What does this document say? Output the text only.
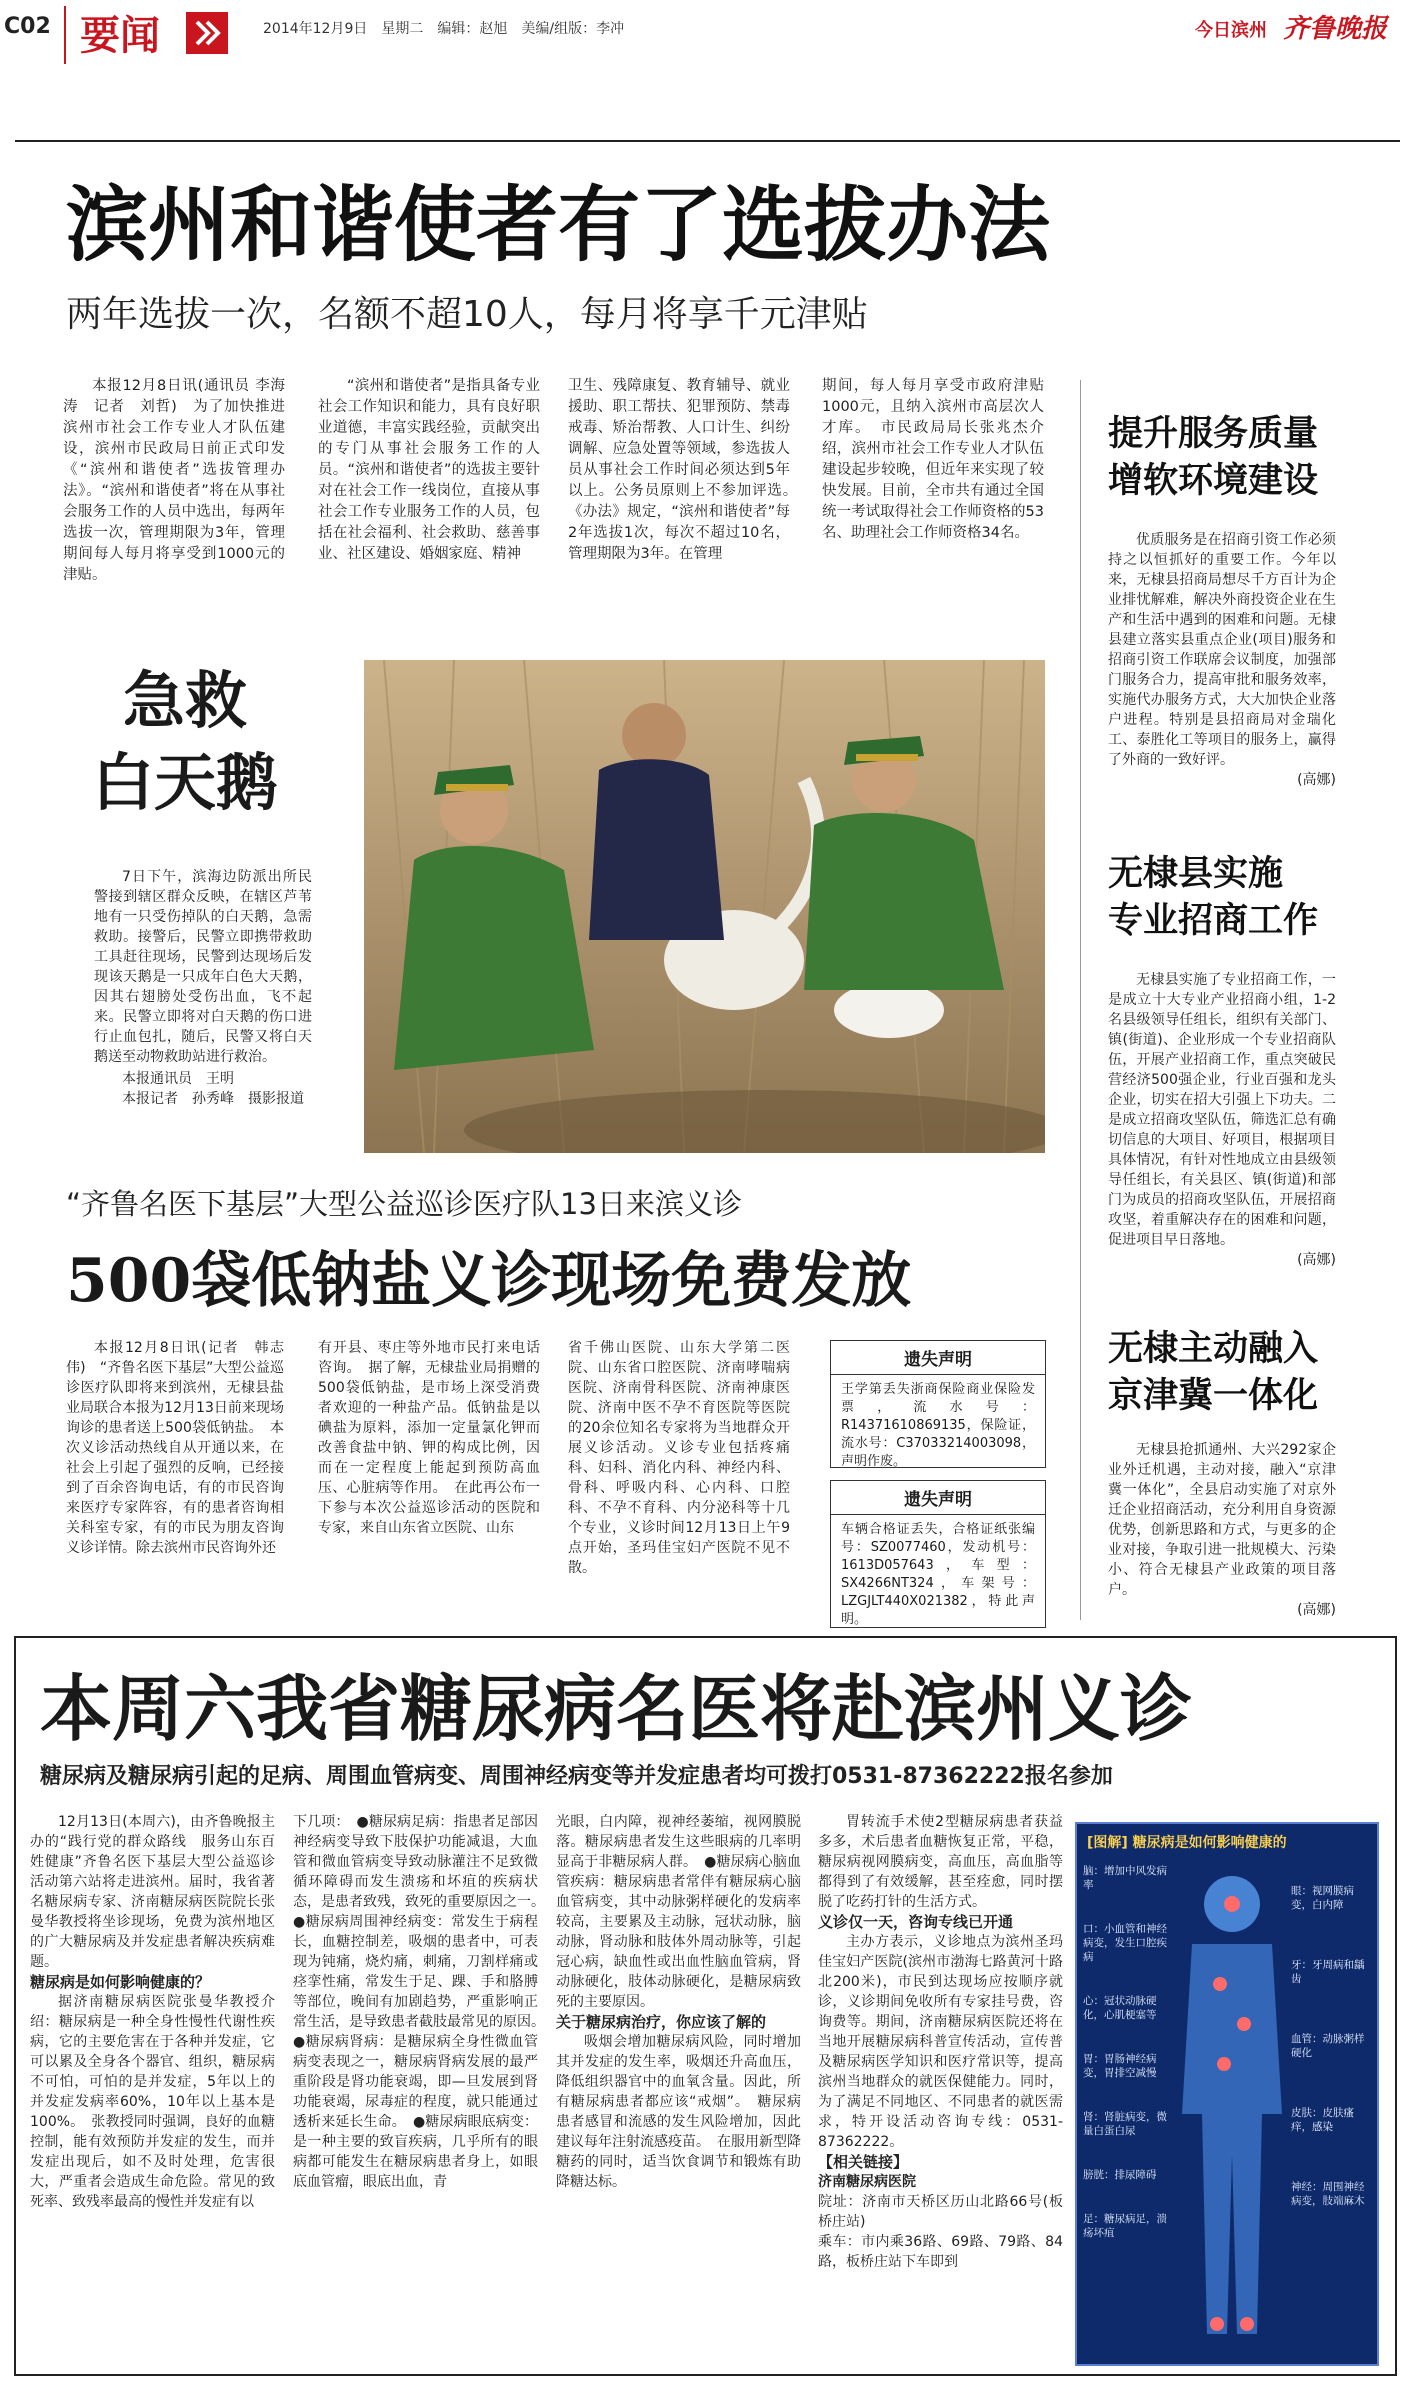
C02 要闻	2014年12月9日　星期二　编辑：赵旭　美编/组版：李冲	今日滨州 齐鲁晚报
滨州和谐使者有了选拔办法
两年选拔一次，名额不超10人，每月将享千元津贴

本报12月8日讯(通讯员 李海涛　记者　刘哲)　为了加快推进滨州市社会工作专业人才队伍建设，滨州市民政局日前正式印发《“滨州和谐使者”选拔管理办法》。“滨州和谐使者”将在从事社会服务工作的人员中选出，每两年选拔一次，管理期限为3年，管理期间每人每月将享受到1000元的津贴。

“滨州和谐使者”是指具备专业社会工作知识和能力，具有良好职业道德，丰富实践经验，贡献突出的专门从事社会服务工作的人员。“滨州和谐使者”的选拔主要针对在社会工作一线岗位，直接从事社会工作专业服务工作的人员，包括在社会福利、社会救助、慈善事业、社区建设、婚姻家庭、精神

卫生、残障康复、教育辅导、就业援助、职工帮扶、犯罪预防、禁毒戒毒、矫治帮教、人口计生、纠纷调解、应急处置等领域，参选拔人员从事社会工作时间必须达到5年以上。公务员原则上不参加评选。　《办法》规定，“滨州和谐使者”每2年选拔1次，每次不超过10名，管理期限为3年。在管理

期间，每人每月享受市政府津贴1000元，且纳入滨州市高层次人才库。　市民政局局长张兆杰介绍，滨州市社会工作专业人才队伍建设起步较晚，但近年来实现了较快发展。目前，全市共有通过全国统一考试取得社会工作师资格的53名、助理社会工作师资格34名。

急救
白天鹅

7日下午，滨海边防派出所民警接到辖区群众反映，在辖区芦苇地有一只受伤掉队的白天鹅，急需救助。接警后，民警立即携带救助工具赶往现场，民警到达现场后发现该天鹅是一只成年白色大天鹅，因其右翅膀处受伤出血，飞不起来。民警立即将对白天鹅的伤口进行止血包扎，随后，民警又将白天鹅送至动物救助站进行救治。

本报通讯员　王明

本报记者　孙秀峰　摄影报道

“齐鲁名医下基层”大型公益巡诊医疗队13日来滨义诊
500袋低钠盐义诊现场免费发放

本报12月8日讯(记者　韩志伟)　“齐鲁名医下基层”大型公益巡诊医疗队即将来到滨州，无棣县盐业局联合本报为12月13日前来现场询诊的患者送上500袋低钠盐。　本次义诊活动热线自从开通以来，在社会上引起了强烈的反响，已经接到了百余咨询电话，有的市民咨询来医疗专家阵容，有的患者咨询相关科室专家，有的市民为朋友咨询义诊详情。除去滨州市民咨询外还

有开县、枣庄等外地市民打来电话咨询。　据了解，无棣盐业局捐赠的500袋低钠盐，是市场上深受消费者欢迎的一种盐产品。低钠盐是以碘盐为原料，添加一定量氯化钾而改善食盐中钠、钾的构成比例，因而在一定程度上能起到预防高血压、心脏病等作用。　在此再公布一下参与本次公益巡诊活动的医院和专家，来自山东省立医院、山东

省千佛山医院、山东大学第二医院、山东省口腔医院、济南哮喘病医院、济南骨科医院、济南神康医院、济南中医不孕不育医院等医院的20余位知名专家将为当地群众开展义诊活动。义诊专业包括疼痛科、妇科、消化内科、神经内科、骨科、呼吸内科、心内科、口腔科、不孕不育科、内分泌科等十几个专业，义诊时间12月13日上午9点开始，圣玛佳宝妇产医院不见不散。

遗失声明
王学第丢失浙商保险商业保险发票，流水号：R14371610869135，保险证，流水号：C37033214003098，声明作废。
遗失声明
车辆合格证丢失，合格证纸张编号：SZ0077460，发动机号：1613D057643，车型：SX4266NT324，车架号：LZGJLT440X021382，特此声明。
提升服务质量
增软环境建设

优质服务是在招商引资工作必须持之以恒抓好的重要工作。今年以来，无棣县招商局想尽千方百计为企业排忧解难，解决外商投资企业在生产和生活中遇到的困难和问题。无棣县建立落实县重点企业(项目)服务和招商引资工作联席会议制度，加强部门服务合力，提高审批和服务效率，实施代办服务方式，大大加快企业落户进程。特别是县招商局对金瑞化工、泰胜化工等项目的服务上，赢得了外商的一致好评。

(高娜)

无棣县实施
专业招商工作

无棣县实施了专业招商工作，一是成立十大专业产业招商小组，1-2名县级领导任组长，组织有关部门、镇(街道)、企业形成一个专业招商队伍，开展产业招商工作，重点突破民营经济500强企业，行业百强和龙头企业，切实在招大引强上下功夫。二是成立招商攻坚队伍，筛选汇总有确切信息的大项目、好项目，根据项目具体情况，有针对性地成立由县级领导任组长，有关县区、镇(街道)和部门为成员的招商攻坚队伍，开展招商攻坚，着重解决存在的困难和问题，促进项目早日落地。

(高娜)

无棣主动融入
京津冀一体化

无棣县抢抓通州、大兴292家企业外迁机遇，主动对接，融入“京津冀一体化”，全县启动实施了对京外迁企业招商活动，充分利用自身资源优势，创新思路和方式，与更多的企业对接，争取引进一批规模大、污染小、符合无棣县产业政策的项目落户。

(高娜)

本周六我省糖尿病名医将赴滨州义诊
糖尿病及糖尿病引起的足病、周围血管病变、周围神经病变等并发症患者均可拨打0531-87362222报名参加

12月13日(本周六)，由齐鲁晚报主办的“践行党的群众路线　服务山东百姓健康”齐鲁名医下基层大型公益巡诊活动第六站将走进滨州。届时，我省著名糖尿病专家、济南糖尿病医院院长张曼华教授将坐诊现场，免费为滨州地区的广大糖尿病及并发症患者解决疾病难题。

糖尿病是如何影响健康的？

据济南糖尿病医院张曼华教授介绍：糖尿病是一种全身性慢性代谢性疾病，它的主要危害在于各种并发症，它可以累及全身各个器官、组织，糖尿病不可怕，可怕的是并发症，5年以上的并发症发病率60%，10年以上基本是100%。　张教授同时强调，良好的血糖控制，能有效预防并发症的发生，而并发症出现后，如不及时处理，危害很大，严重者会造成生命危险。常见的致死率、致残率最高的慢性并发症有以

下几项：　●糖尿病足病：指患者足部因神经病变导致下肢保护功能减退，大血管和微血管病变导致动脉灌注不足致微循环障碍而发生溃疡和坏疽的疾病状态，是患者致残，致死的重要原因之一。　●糖尿病周围神经病变：常发生于病程长，血糖控制差，吸烟的患者中，可表现为钝痛，烧灼痛，刺痛，刀割样痛或痉挛性痛，常发生于足、踝、手和胳膊等部位，晚间有加剧趋势，严重影响正常生活，是导致患者截肢最常见的原因。　●糖尿病肾病：是糖尿病全身性微血管病变表现之一，糖尿病肾病发展的最严重阶段是肾功能衰竭，即—旦发展到肾功能衰竭，尿毒症的程度，就只能通过透析来延长生命。　●糖尿病眼底病变：是一种主要的致盲疾病，几乎所有的眼病都可能发生在糖尿病患者身上，如眼底血管瘤，眼底出血，青

光眼，白内障，视神经萎缩，视网膜脱落。糖尿病患者发生这些眼病的几率明显高于非糖尿病人群。　●糖尿病心脑血管疾病：糖尿病患者常伴有糖尿病心脑血管病变，其中动脉粥样硬化的发病率较高，主要累及主动脉，冠状动脉，脑动脉，肾动脉和肢体外周动脉等，引起冠心病，缺血性或出血性脑血管病，肾动脉硬化，肢体动脉硬化，是糖尿病致死的主要原因。

关于糖尿病治疗，你应该了解的

吸烟会增加糖尿病风险，同时增加其并发症的发生率，吸烟还升高血压，降低组织器官中的血氧含量。因此，所有糖尿病患者都应该“戒烟”。　糖尿病患者感冒和流感的发生风险增加，因此建议每年注射流感疫苗。　在服用新型降糖药的同时，适当饮食调节和锻炼有助降糖达标。

胃转流手术使2型糖尿病患者获益多多，术后患者血糖恢复正常，平稳，糖尿病视网膜病变，高血压，高血脂等都得到了有效缓解，甚至痊愈，同时摆脱了吃药打针的生活方式。

义诊仅一天，咨询专线已开通

主办方表示，义诊地点为滨州圣玛佳宝妇产医院(滨州市渤海七路黄河十路北200米)，市民到达现场应按顺序就诊，义诊期间免收所有专家挂号费，咨询费等。期间，济南糖尿病医院还将在当地开展糖尿病科普宣传活动，宣传普及糖尿病医学知识和医疗常识等，提高滨州当地群众的就医保健能力。同时，为了满足不同地区、不同患者的就医需求，特开设活动咨询专线：0531-87362222。

【相关链接】

济南糖尿病医院

院址：济南市天桥区历山北路66号(板桥庄站)

乘车：市内乘36路、69路、79路、84路，板桥庄站下车即到

[图解] 糖尿病是如何影响健康的
脑：增加中风发病率
口：小血管和神经病变，发生口腔疾病
心：冠状动脉硬化，心肌梗塞等
胃：胃肠神经病变，胃排空减慢
肾：肾脏病变，微量白蛋白尿
膀胱：排尿障碍
足：糖尿病足，溃疡坏疽
眼：视网膜病变，白内障
牙：牙周病和龋齿
血管：动脉粥样硬化
皮肤：皮肤瘙痒，感染
神经：周围神经病变，肢端麻木
